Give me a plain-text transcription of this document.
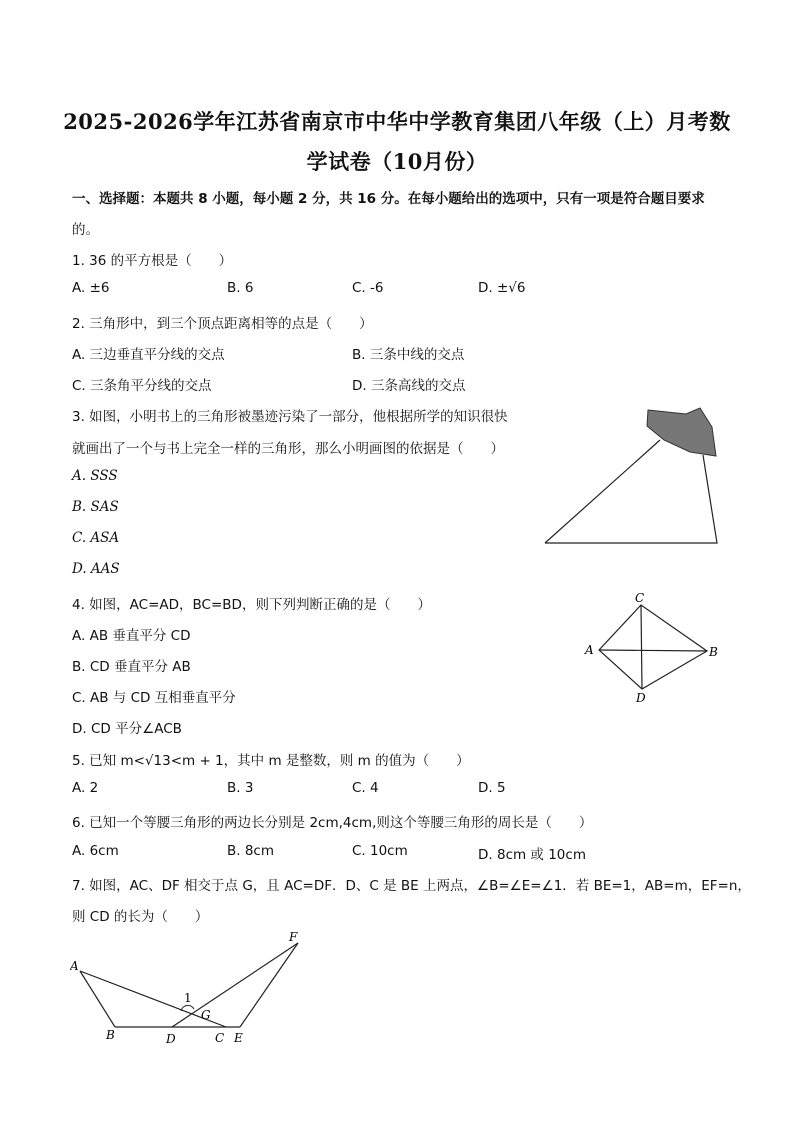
2025-2026学年江苏省南京市中华中学教育集团八年级（上）月考数
学试卷（10月份）
一、选择题：本题共 8 小题，每小题 2 分，共 16 分。在每小题给出的选项中，只有一项是符合题目要求
的。
1. 36 的平方根是（　　）
A. ±6	B. 6	C. -6	D. ±√6
2. 三角形中，到三个顶点距离相等的点是（　　）
A. 三边垂直平分线的交点	B. 三条中线的交点
C. 三条角平分线的交点	D. 三条高线的交点
3. 如图，小明书上的三角形被墨迹污染了一部分，他根据所学的知识很快
就画出了一个与书上完全一样的三角形，那么小明画图的依据是（　　）
A. SSS
B. SAS
C. ASA
D. AAS
4. 如图，AC=AD，BC=BD，则下列判断正确的是（　　）
A. AB 垂直平分 CD
B. CD 垂直平分 AB
C. AB 与 CD 互相垂直平分
D. CD 平分∠ACB
C
A	B
D
5. 已知 m<√13<m + 1，其中 m 是整数，则 m 的值为（　　）
A. 2	B. 3	C. 4	D. 5
6. 已知一个等腰三角形的两边长分别是 2cm,4cm,则这个等腰三角形的周长是（　　）
A. 6cm	B. 8cm	C. 10cm	D. 8cm 或 10cm
7. 如图，AC、DF 相交于点 G，且 AC=DF．D、C 是 BE 上两点，∠B=∠E=∠1．若 BE=1，AB=m，EF=n，
则 CD 的长为（　　）
A
B	D	C E
F
G
1
